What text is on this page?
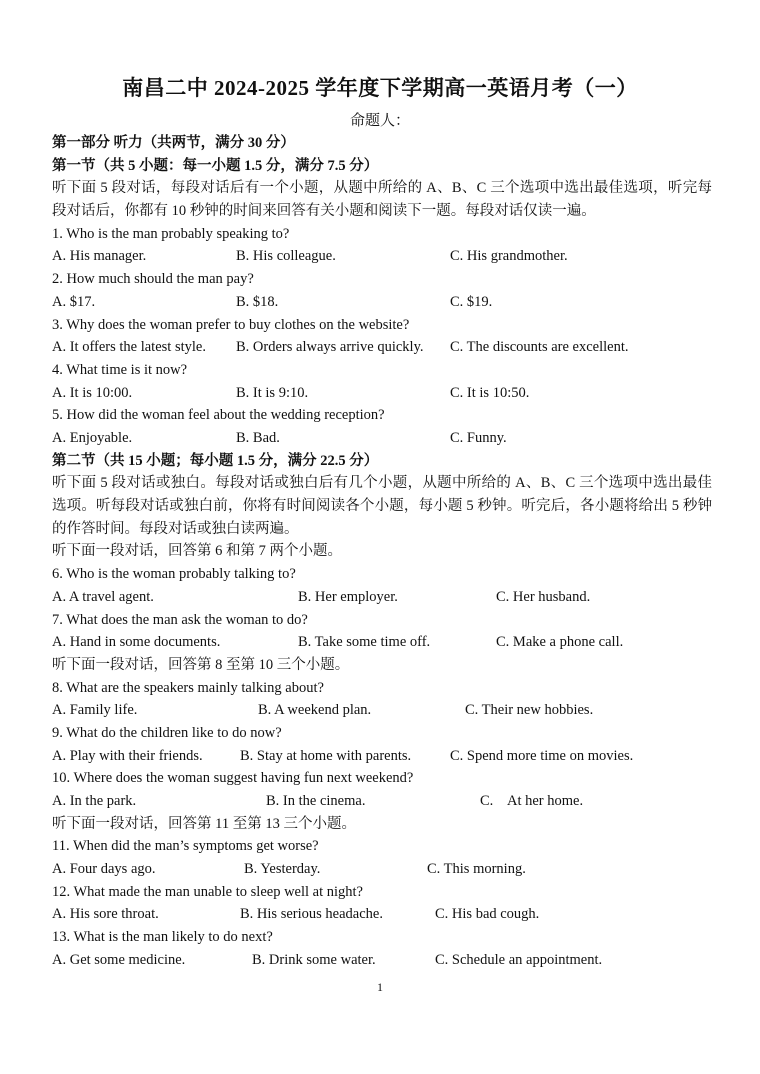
南昌二中 2024-2025 学年度下学期高一英语月考（一）
命题人：
第一部分 听力（共两节，满分 30 分）
第一节（共 5 小题：每一小题 1.5 分，满分 7.5 分）
听下面 5 段对话，每段对话后有一个小题，从题中所给的 A、B、C 三个选项中选出最佳选项，听完每段对话后，你都有 10 秒钟的时间来回答有关小题和阅读下一题。每段对话仅读一遍。
1. Who is the man probably speaking to?
A. His manager.	B. His colleague.	C. His grandmother.
2. How much should the man pay?
A. $17.	B. $18.	C. $19.
3. Why does the woman prefer to buy clothes on the website?
A. It offers the latest style. B. Orders always arrive quickly. C. The discounts are excellent.
4. What time is it now?
A. It is 10:00.	B. It is 9:10.	C. It is 10:50.
5. How did the woman feel about the wedding reception?
A. Enjoyable.	B. Bad.	C. Funny.
第二节（共 15 小题；每小题 1.5 分，满分 22.5 分）
听下面 5 段对话或独白。每段对话或独白后有几个小题，从题中所给的 A、B、C 三个选项中选出最佳选项。听每段对话或独白前，你将有时间阅读各个小题，每小题 5 秒钟。听完后，各小题将给出 5 秒钟的作答时间。每段对话或独白读两遍。
听下面一段对话，回答第 6 和第 7 两个小题。
6. Who is the woman probably talking to?
A. A travel agent.	B. Her employer.	C. Her husband.
7. What does the man ask the woman to do?
A. Hand in some documents.	B. Take some time off.	C. Make a phone call.
听下面一段对话，回答第 8 至第 10 三个小题。
8. What are the speakers mainly talking about?
A. Family life.	B. A weekend plan.	C. Their new hobbies.
9. What do the children like to do now?
A. Play with their friends.	B. Stay at home with parents.	C. Spend more time on movies.
10. Where does the woman suggest having fun next weekend?
A. In the park.	B. In the cinema.	C.    At her home.
听下面一段对话，回答第 11 至第 13 三个小题。
11. When did the man’s symptoms get worse?
A. Four days ago.	B. Yesterday.	C. This morning.
12. What made the man unable to sleep well at night?
A. His sore throat.	B. His serious headache.	C. His bad cough.
13. What is the man likely to do next?
A. Get some medicine.	B. Drink some water.	C. Schedule an appointment.
1
